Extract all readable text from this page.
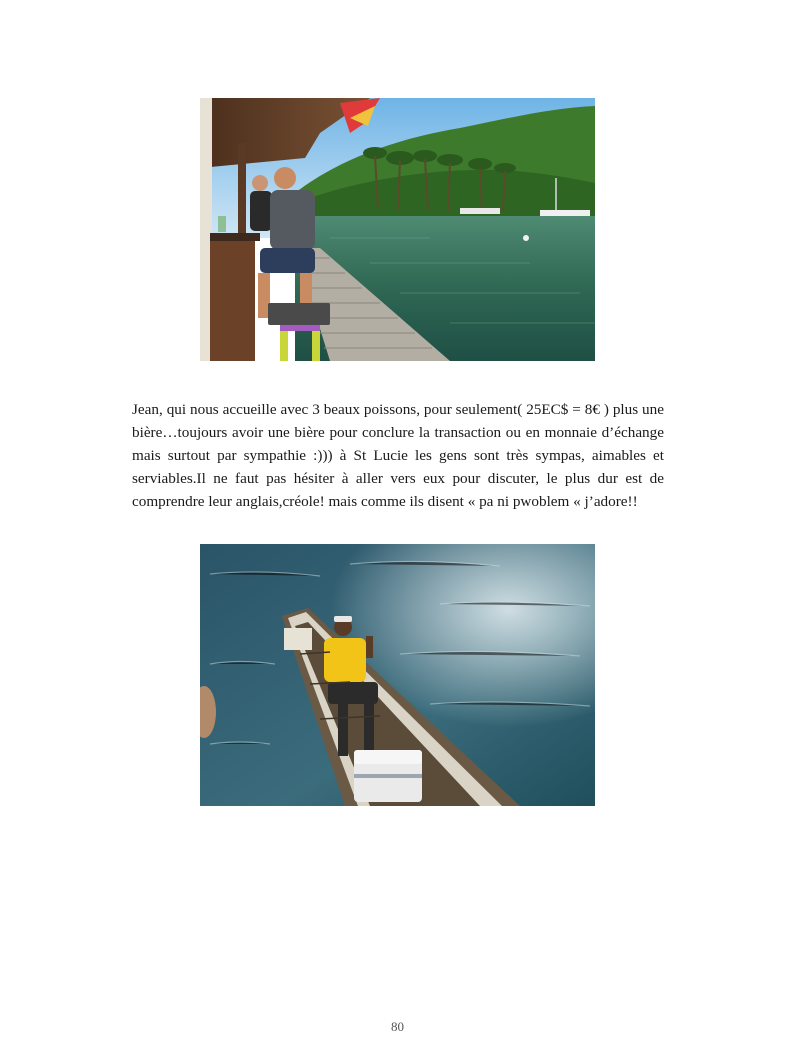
Jean, qui nous accueille avec 3 beaux poissons, pour seulement( 25EC$ = 8€ ) plus une bière…toujours avoir une bière pour conclure la transaction ou en monnaie d’échange mais surtout par sympathie :))) à St Lucie les gens sont très sympas, aimables et serviables.Il ne faut pas hésiter à aller vers eux pour discuter, le plus dur est de comprendre leur anglais,créole! mais comme ils disent « pa ni pwoblem « j’adore!!

80
